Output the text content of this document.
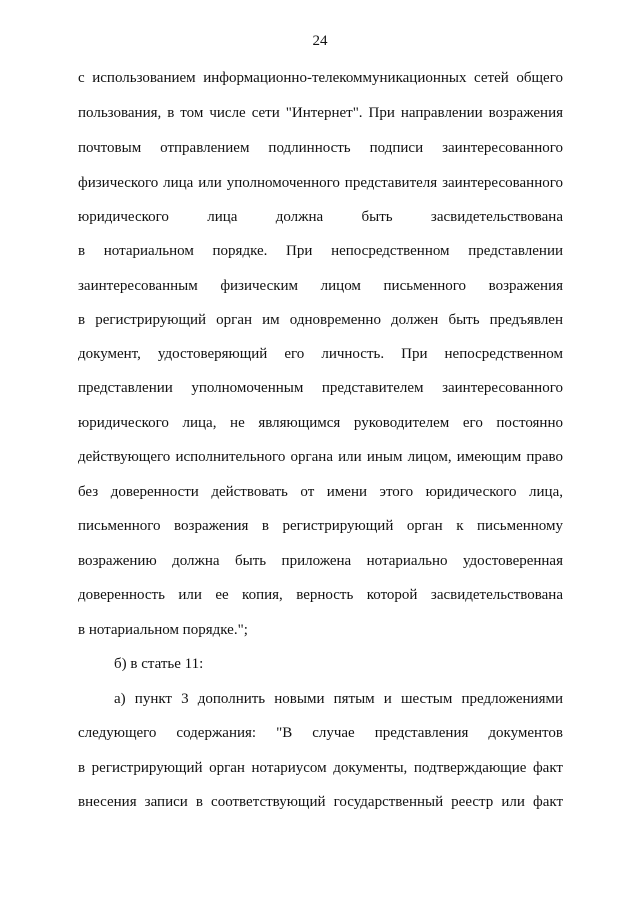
24
с использованием информационно-телекоммуникационных сетей общего
пользования, в том числе сети "Интернет". При направлении возражения
почтовым отправлением подлинность подписи заинтересованного
физического лица или уполномоченного представителя заинтересованного
юридического лица должна быть засвидетельствована
в нотариальном порядке. При непосредственном представлении
заинтересованным физическим лицом письменного возражения
в регистрирующий орган им одновременно должен быть предъявлен
документ, удостоверяющий его личность. При непосредственном
представлении уполномоченным представителем заинтересованного
юридического лица, не являющимся руководителем его постоянно
действующего исполнительного органа или иным лицом, имеющим право
без доверенности действовать от имени этого юридического лица,
письменного возражения в регистрирующий орган к письменному
возражению должна быть приложена нотариально удостоверенная
доверенность или ее копия, верность которой засвидетельствована
в нотариальном порядке.";
б) в статье 11:
а) пункт 3 дополнить новыми пятым и шестым предложениями
следующего содержания: "В случае представления документов
в регистрирующий орган нотариусом документы, подтверждающие факт
внесения записи в соответствующий государственный реестр или факт
